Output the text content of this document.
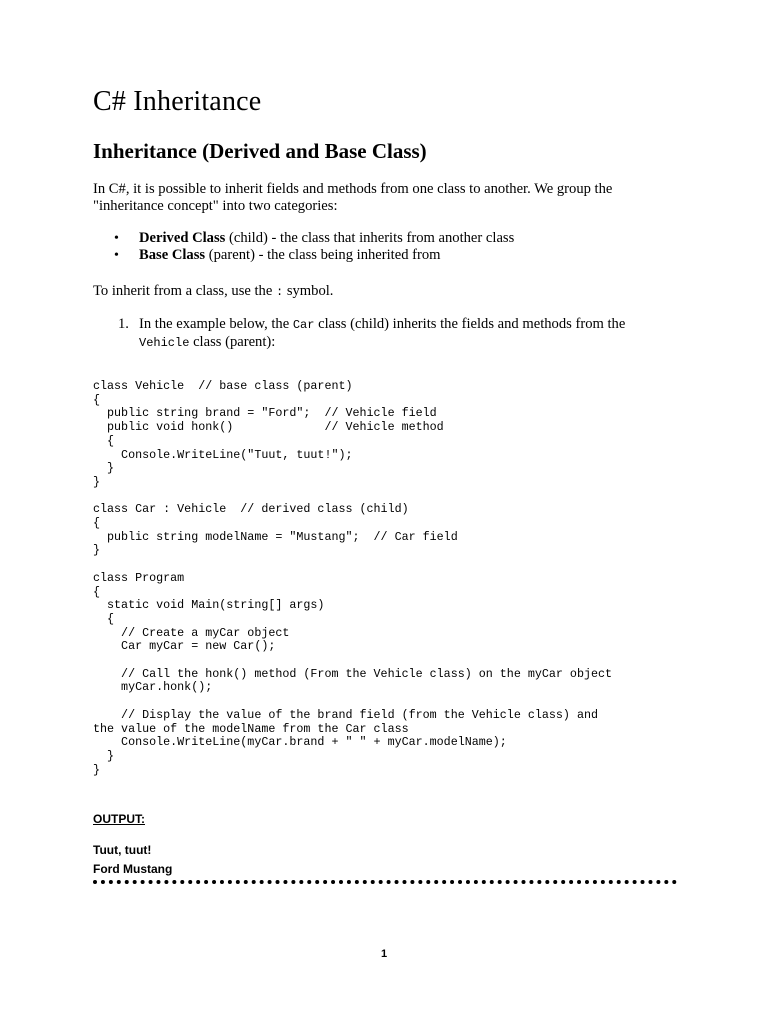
C# Inheritance
Inheritance (Derived and Base Class)

In C#, it is possible to inherit fields and methods from one class to another. We group the "inheritance concept" into two categories:

• Derived Class (child) - the class that inherits from another class
• Base Class (parent) - the class being inherited from

To inherit from a class, use the : symbol.

1. In the example below, the Car class (child) inherits the fields and methods from the Vehicle class (parent):
class Vehicle  // base class (parent)
{
public string brand = "Ford";  // Vehicle field
public void honk()             // Vehicle method
{
Console.WriteLine("Tuut, tuut!");
}
}

class Car : Vehicle  // derived class (child)
{
public string modelName = "Mustang";  // Car field
}

class Program
{
static void Main(string[] args)
{
// Create a myCar object
Car myCar = new Car();

// Call the honk() method (From the Vehicle class) on the myCar object
myCar.honk();

// Display the value of the brand field (from the Vehicle class) and
the value of the modelName from the Car class
Console.WriteLine(myCar.brand + " " + myCar.modelName);
}
}

OUTPUT:

Tuut, tuut!

Ford Mustang

1
